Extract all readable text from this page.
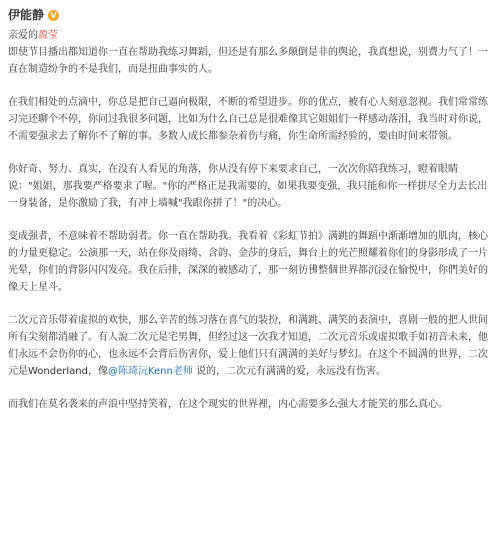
伊能静 V

亲爱的盈莹

即使节目播出都知道你一直在帮助我练习舞蹈，但还是有那么多颠倒是非的舆论，我真想说，别费力气了！一直在制造纷争的不是我们，而是扭曲事实的人。

在我们相处的点滴中，你总是把自己逼向极限，不断的希望进步。你的优点，被有心人刻意忽视。我们常常练习完还聊个不停，你问过我很多问题，比如为什么自己总是很难像其它姐姐们一样感动落泪，我当时对你说，不需要强求去了解你不了解的事。多数人成长都参杂着伤与痛，你生命所需经验的，要由时间来带领。

你好奇、努力、真实，在没有人看见的角落，你从没有停下来要求自己，一次次你陪我练习，瞪着眼睛说："姐姐，那我要严格要求了喔。"你的严格正是我需要的，如果我要变强，我只能和你一样拼尽全力去长出一身装备，是你激励了我，有冲上墙喊"我跟你拼了！"的决心。

变成强者，不意味着不帮助弱者。你一直在帮助我。我看着《彩虹节拍》满跳的舞蹈中渐渐增加的肌肉，核心的力量更稳定。公演那一天，站在你及雨绮、含韵、金莎的身后，舞台上的光芒照耀着你们的身影形成了一片光晕，你们的背影闪闪发亮。我在后排，深深的被感动了，那一刻彷彿整個世界都沉浸在愉悦中，你們美好的像天上星斗。

二次元音乐带着虚拟的欢快，那么辛苦的练习落在喜气的装扮，和满跳、满笑的表演中，喜剧一般的把人世间所有尖刻都消融了。有人說二次元是宅男舞，但经过这一次我才知道，二次元音乐或虚拟歌手如初音未来，他们永远不会伤你的心，也永远不会背后伤害你，爱上他们只有满满的美好与梦幻。在这个不圆满的世界，二次元是Wonderland，像@陈琦沅Kenn老师 说的，二次元有满满的爱，永远没有伤害。

而我们在莫名袭来的声浪中坚持笑着，在这个现实的世界裡，内心需要多么强大才能笑的那么真心。
